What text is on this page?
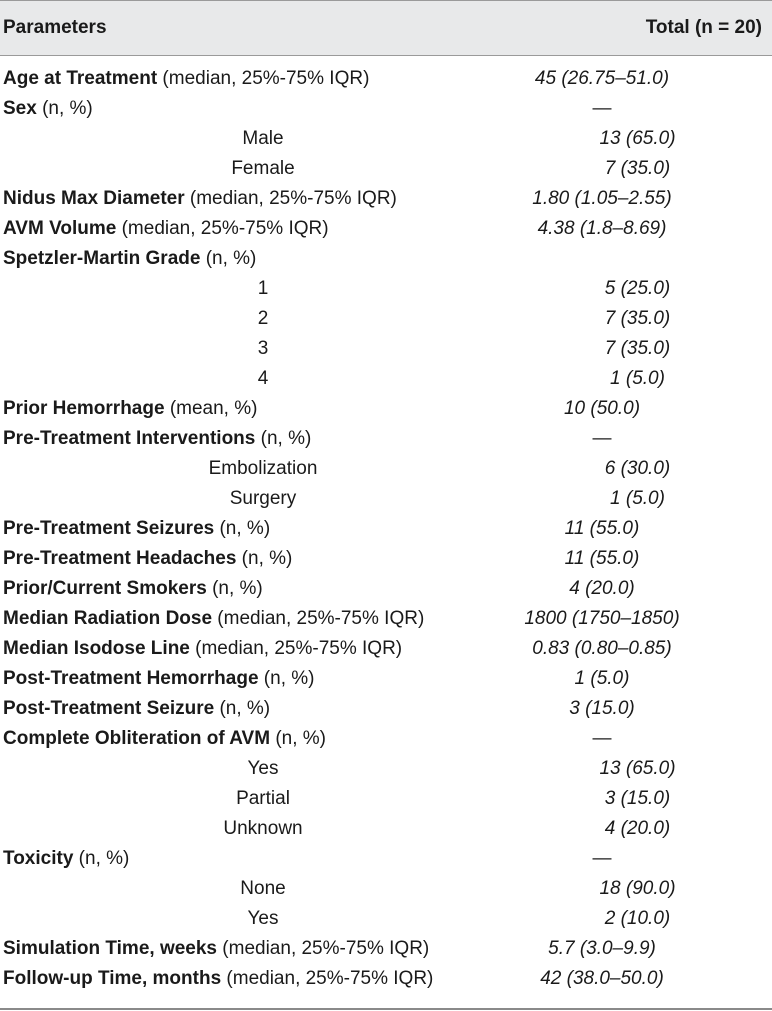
Parameters	Total (n = 20)
Age at Treatment (median, 25%-75% IQR)	45 (26.75–51.0)
Sex (n, %)	—
Male	13 (65.0)
Female	7 (35.0)
Nidus Max Diameter (median, 25%-75% IQR)	1.80 (1.05–2.55)
AVM Volume (median, 25%-75% IQR)	4.38 (1.8–8.69)
Spetzler-Martin Grade (n, %)
1	5 (25.0)
2	7 (35.0)
3	7 (35.0)
4	1 (5.0)
Prior Hemorrhage (mean, %)	10 (50.0)
Pre-Treatment Interventions (n, %)	—
Embolization	6 (30.0)
Surgery	1 (5.0)
Pre-Treatment Seizures (n, %)	11 (55.0)
Pre-Treatment Headaches (n, %)	11 (55.0)
Prior/Current Smokers (n, %)	4 (20.0)
Median Radiation Dose (median, 25%-75% IQR)	1800 (1750–1850)
Median Isodose Line (median, 25%-75% IQR)	0.83 (0.80–0.85)
Post-Treatment Hemorrhage (n, %)	1 (5.0)
Post-Treatment Seizure (n, %)	3 (15.0)
Complete Obliteration of AVM (n, %)	—
Yes	13 (65.0)
Partial	3 (15.0)
Unknown	4 (20.0)
Toxicity (n, %)	—
None	18 (90.0)
Yes	2 (10.0)
Simulation Time, weeks (median, 25%-75% IQR)	5.7 (3.0–9.9)
Follow-up Time, months (median, 25%-75% IQR)	42 (38.0–50.0)
